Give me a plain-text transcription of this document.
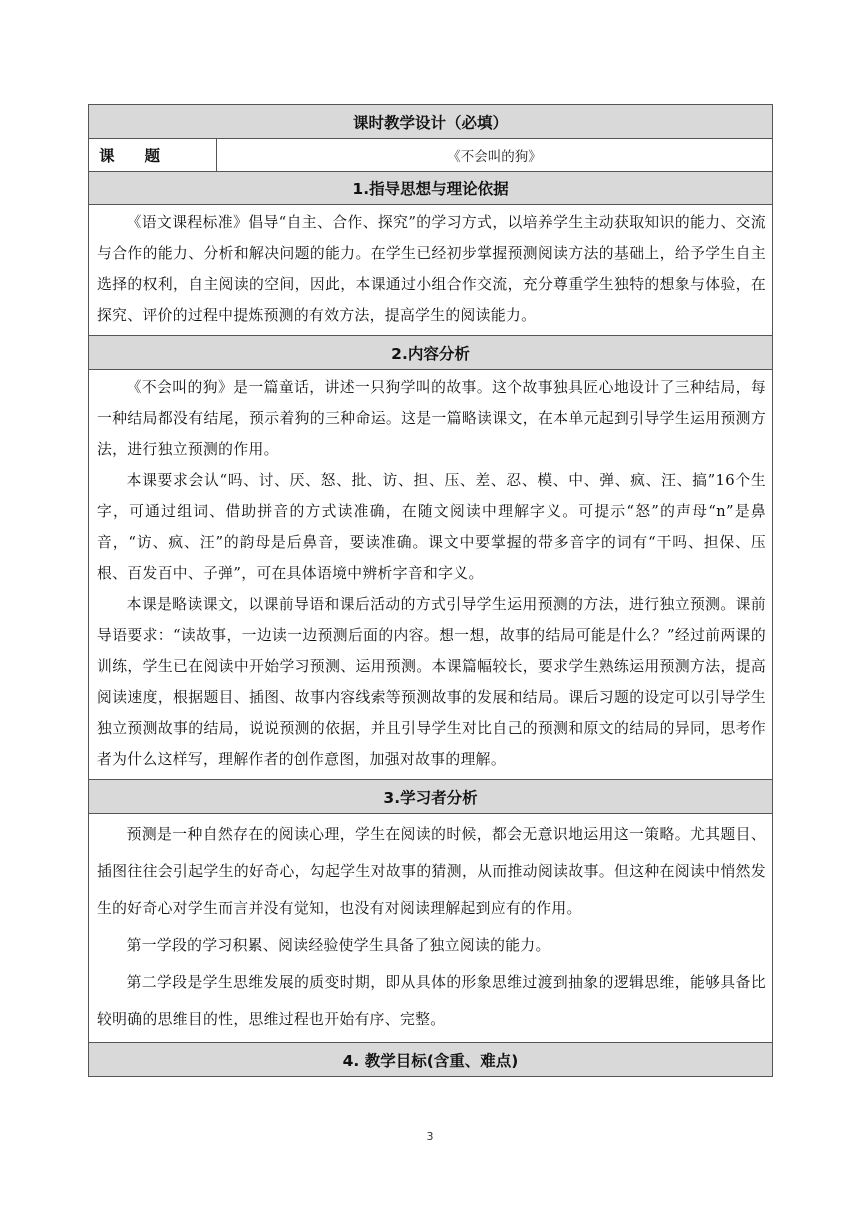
课时教学设计（必填）
课 题	《不会叫的狗》
1.指导思想与理论依据

《语文课程标准》倡导“自主、合作、探究”的学习方式，以培养学生主动获取知识的能力、交流与合作的能力、分析和解决问题的能力。在学生已经初步掌握预测阅读方法的基础上，给予学生自主选择的权利，自主阅读的空间，因此，本课通过小组合作交流，充分尊重学生独特的想象与体验，在探究、评价的过程中提炼预测的有效方法，提高学生的阅读能力。

2.内容分析

《不会叫的狗》是一篇童话，讲述一只狗学叫的故事。这个故事独具匠心地设计了三种结局，每一种结局都没有结尾，预示着狗的三种命运。这是一篇略读课文，在本单元起到引导学生运用预测方法，进行独立预测的作用。

本课要求会认“吗、讨、厌、怒、批、访、担、压、差、忍、模、中、弹、疯、汪、搞”16个生字，可通过组词、借助拼音的方式读准确，在随文阅读中理解字义。可提示“怒”的声母“n”是鼻音，“访、疯、汪”的韵母是后鼻音，要读准确。课文中要掌握的带多音字的词有“干吗、担保、压根、百发百中、子弹”，可在具体语境中辨析字音和字义。

本课是略读课文，以课前导语和课后活动的方式引导学生运用预测的方法，进行独立预测。课前导语要求：“读故事，一边读一边预测后面的内容。想一想，故事的结局可能是什么？”经过前两课的训练，学生已在阅读中开始学习预测、运用预测。本课篇幅较长，要求学生熟练运用预测方法，提高阅读速度，根据题目、插图、故事内容线索等预测故事的发展和结局。课后习题的设定可以引导学生独立预测故事的结局，说说预测的依据，并且引导学生对比自己的预测和原文的结局的异同，思考作者为什么这样写，理解作者的创作意图，加强对故事的理解。

3.学习者分析

预测是一种自然存在的阅读心理，学生在阅读的时候，都会无意识地运用这一策略。尤其题目、插图往往会引起学生的好奇心，勾起学生对故事的猜测，从而推动阅读故事。但这种在阅读中悄然发生的好奇心对学生而言并没有觉知，也没有对阅读理解起到应有的作用。

第一学段的学习积累、阅读经验使学生具备了独立阅读的能力。

第二学段是学生思维发展的质变时期，即从具体的形象思维过渡到抽象的逻辑思维，能够具备比较明确的思维目的性，思维过程也开始有序、完整。

4. 教学目标(含重、难点)
3
